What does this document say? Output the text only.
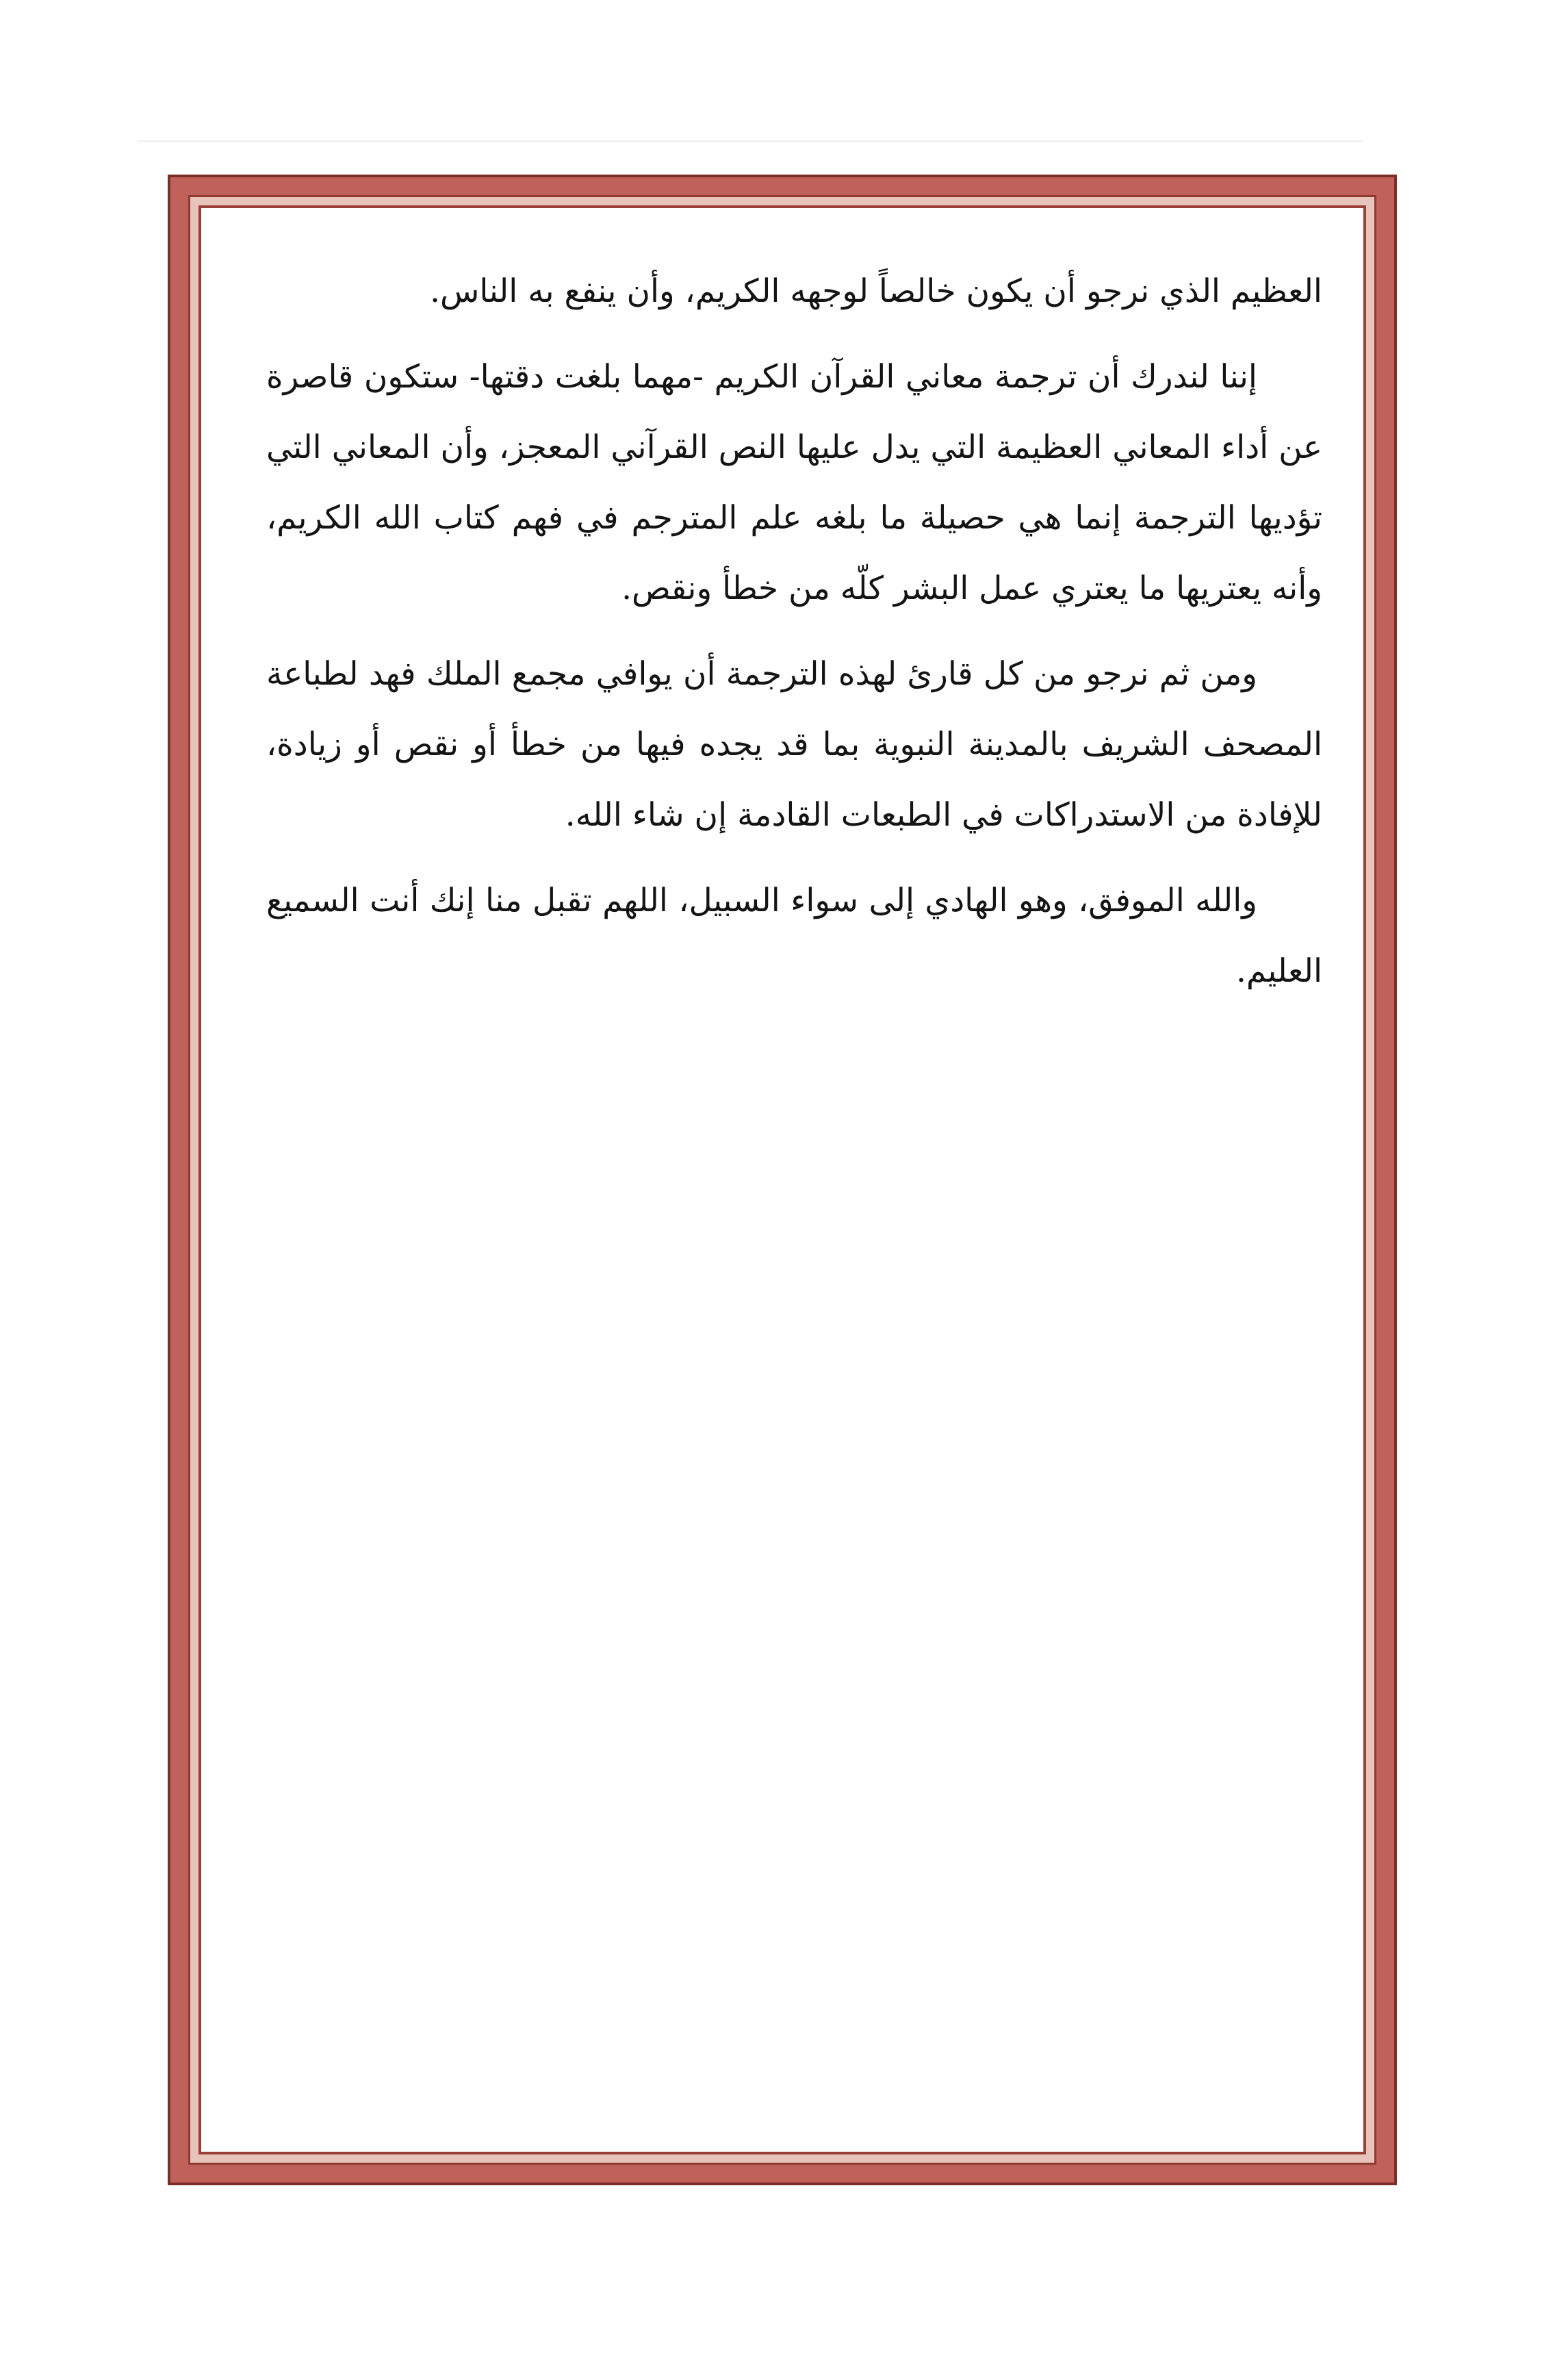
العظيم الذي نرجو أن يكون خالصاً لوجهه الكريم، وأن ينفع به الناس.

إننا لندرك أن ترجمة معاني القرآن الكريم -مهما بلغت دقتها- ستكون قاصرة عن أداء المعاني العظيمة التي يدل عليها النص القرآني المعجز، وأن المعاني التي تؤديها الترجمة إنما هي حصيلة ما بلغه علم المترجم في فهم كتاب الله الكريم، وأنه يعتريها ما يعتري عمل البشر كلّه من خطأ ونقص.

ومن ثم نرجو من كل قارئ لهذه الترجمة أن يوافي مجمع الملك فهد لطباعة المصحف الشريف بالمدينة النبوية بما قد يجده فيها من خطأ أو نقص أو زيادة، للإفادة من الاستدراكات في الطبعات القادمة إن شاء الله.

والله الموفق، وهو الهادي إلى سواء السبيل، اللهم تقبل منا إنك أنت السميع العليم.
